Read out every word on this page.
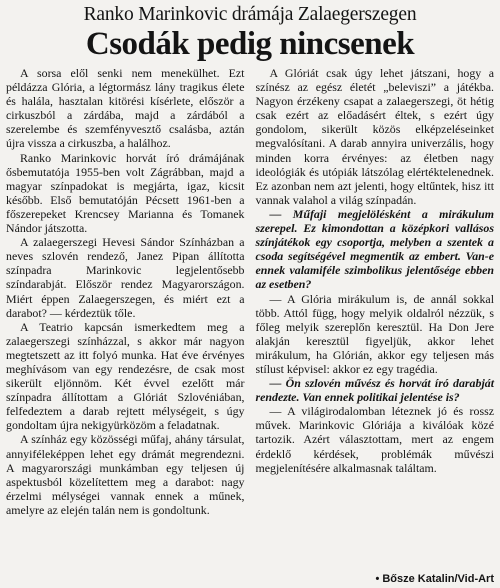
Ranko Marinkovic drámája Zalaegerszegen

Csodák pedig nincsenek

A sorsa elől senki nem menekülhet. Ezt példázza Glória, a légtormász lány tragikus élete és halála, hasztalan kitörési kísérlete, először a cirkuszból a zárdába, majd a zárdából a szerelembe és szemfényvesztő csalásba, aztán újra vissza a cirkuszba, a halálhoz.

Ranko Marinkovic horvát író drámájának ősbemutatója 1955-ben volt Zágrábban, majd a magyar színpadokat is megjárta, igaz, kicsit később. Első bemutatóján Pécsett 1961-ben a főszerepeket Krencsey Marianna és Tomanek Nándor játszotta.

A zalaegerszegi Hevesi Sándor Színházban a neves szlovén rendező, Janez Pipan állította színpadra Marinkovic legjelentősebb színdarabját. Először rendez Magyarországon. Miért éppen Zalaegerszegen, és miért ezt a darabot? — kérdeztük tőle.

A Teatrio kapcsán ismerkedtem meg a zalaegerszegi színházzal, s akkor már nagyon megtetszett az itt folyó munka. Hat éve érvényes meghívásom van egy rendezésre, de csak most sikerült eljönnöm. Két évvel ezelőtt már színpadra állítottam a Glóriát Szlovéniában, felfedeztem a darab rejtett mélységeit, s úgy gondoltam újra nekigyürközöm a feladatnak.

A színház egy közösségi műfaj, ahány társulat, annyiféleképpen lehet egy drámát megrendezni. A magyarországi munkámban egy teljesen új aspektusból közelítettem meg a darabot: nagy érzelmi mélységei vannak ennek a műnek, amelyre az elején talán nem is gondoltunk.

A Glóriát csak úgy lehet játszani, hogy a színész az egész életét „beleviszi” a játékba. Nagyon érzékeny csapat a zalaegerszegi, öt hétig csak ezért az előadásért éltek, s ezért úgy gondolom, sikerült közös elképzeléseinket megvalósítani. A darab annyira univerzális, hogy minden korra érvényes: az életben nagy ideológiák és utópiák látszólag elértéktelenednek. Ez azonban nem azt jelenti, hogy eltűntek, hisz itt vannak valahol a világ színpadán.

— Műfaji megjelölésként a mirákulum szerepel. Ez kimondottan a középkori vallásos színjátékok egy csoportja, melyben a szentek a csoda segítségével megmentik az embert. Van-e ennek valamiféle szimbolikus jelentősége ebben az esetben?

— A Glória mirákulum is, de annál sokkal több. Attól függ, hogy melyik oldalról nézzük, s főleg melyik szereplőn keresztül. Ha Don Jere alakján keresztül figyeljük, akkor lehet mirákulum, ha Glórián, akkor egy teljesen más stílust képvisel: akkor ez egy tragédia.

— Ön szlovén művész és horvát író darabját rendezte. Van ennek politikai jelentése is?

— A világirodalomban léteznek jó és rossz művek. Marinkovic Glóriája a kiválóak közé tartozik. Azért választottam, mert az engem érdeklő kérdések, problémák művészi megjelenítésére alkalmasnak találtam.

• Bősze Katalin/Vid-Art
